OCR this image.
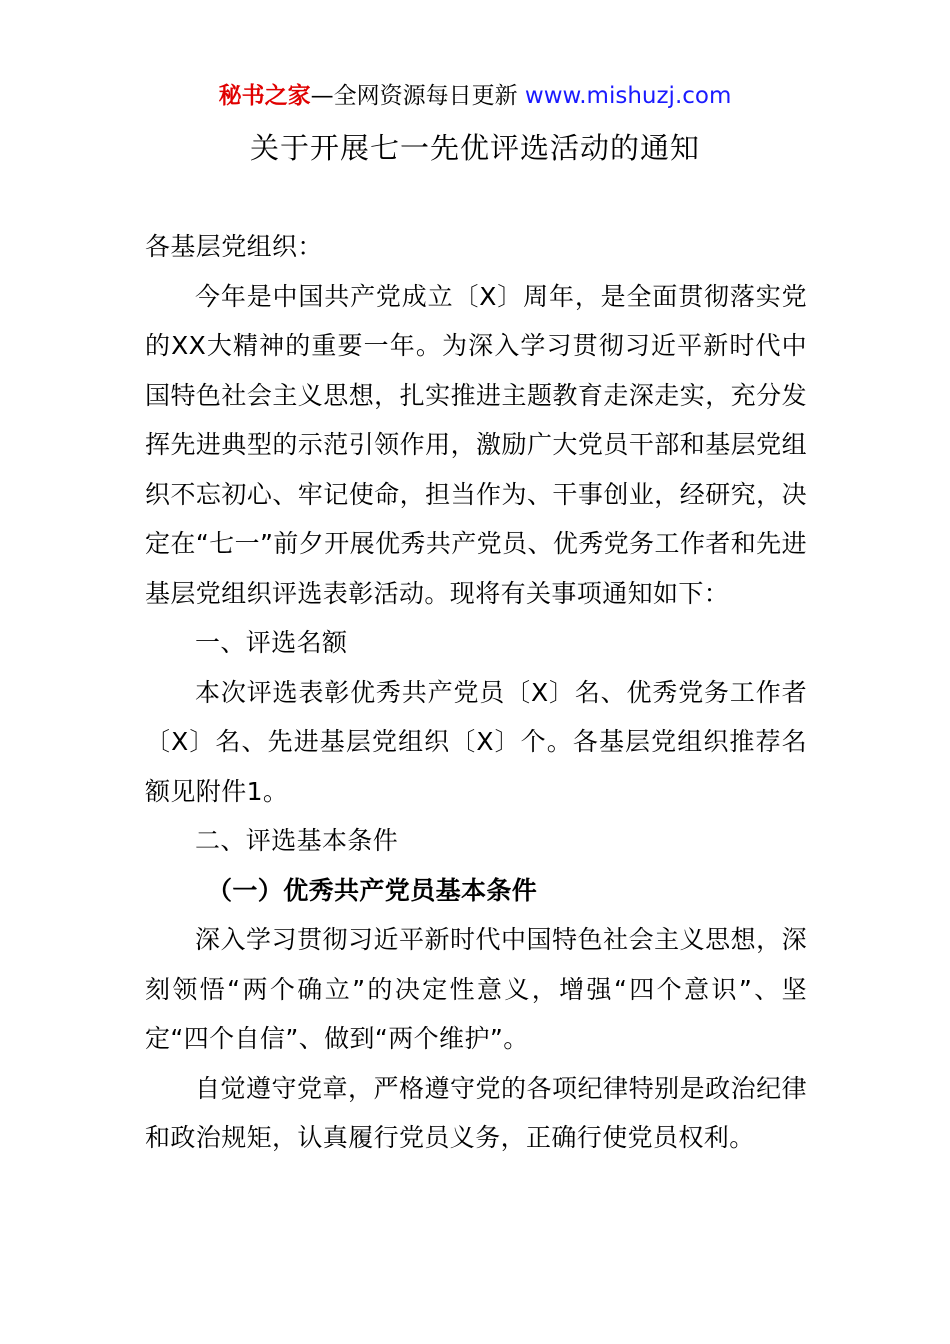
秘书之家—全网资源每日更新 www.mishuzj.com
关于开展七一先优评选活动的通知

各基层党组织：

今年是中国共产党成立〔X〕周年，是全面贯彻落实党的XX大精神的重要一年。为深入学习贯彻习近平新时代中国特色社会主义思想，扎实推进主题教育走深走实，充分发挥先进典型的示范引领作用，激励广大党员干部和基层党组织不忘初心、牢记使命，担当作为、干事创业，经研究，决定在“七一”前夕开展优秀共产党员、优秀党务工作者和先进基层党组织评选表彰活动。现将有关事项通知如下：

一、评选名额

本次评选表彰优秀共产党员〔X〕名、优秀党务工作者〔X〕名、先进基层党组织〔X〕个。各基层党组织推荐名额见附件1。

二、评选基本条件

（一）优秀共产党员基本条件

深入学习贯彻习近平新时代中国特色社会主义思想，深刻领悟“两个确立”的决定性意义，增强“四个意识”、坚定“四个自信”、做到“两个维护”。

自觉遵守党章，严格遵守党的各项纪律特别是政治纪律和政治规矩，认真履行党员义务，正确行使党员权利。
